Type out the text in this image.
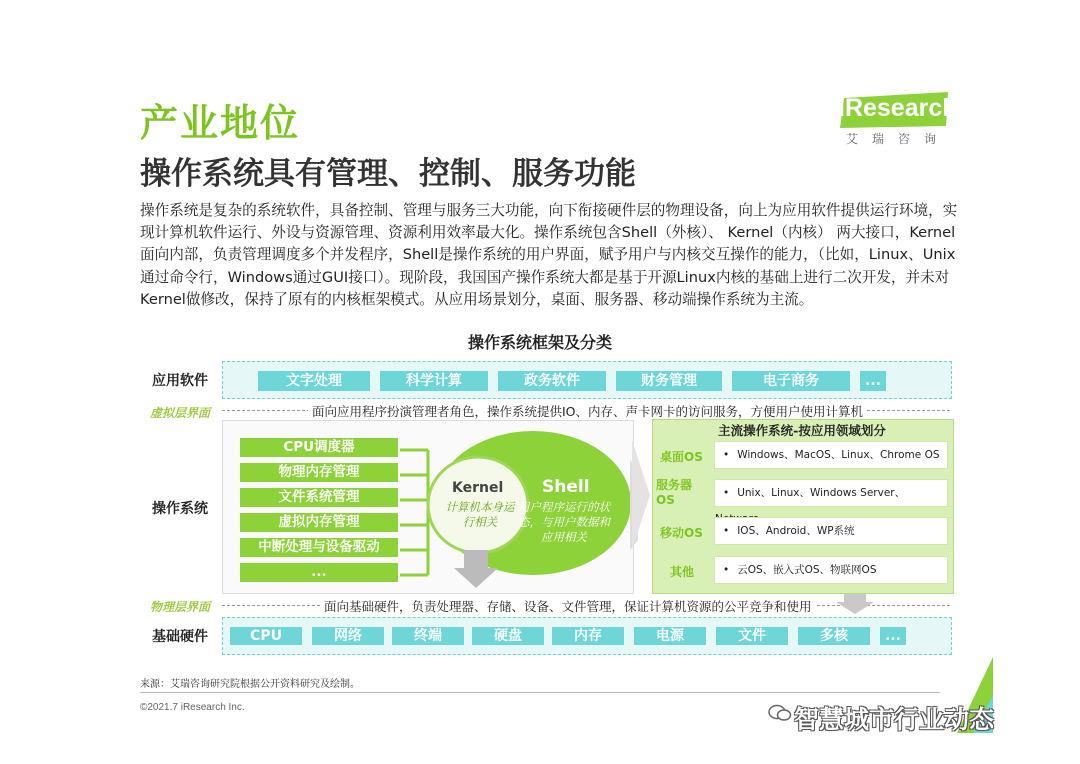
产业地位
操作系统具有管理、控制、服务功能
iResearch
艾瑞咨询
操作系统是复杂的系统软件，具备控制、管理与服务三大功能，向下衔接硬件层的物理设备，向上为应用软件提供运行环境，实现计算机软件运行、外设与资源管理、资源利用效率最大化。操作系统包含Shell（外核）、 Kernel（内核） 两大接口，Kernel面向内部，负责管理调度多个并发程序，Shell是操作系统的用户界面，赋予用户与内核交互操作的能力，（比如，Linux、Unix 通过命令行，Windows通过GUI接口）。现阶段，我国国产操作系统大都是基于开源Linux内核的基础上进行二次开发，并未对Kernel做修改，保持了原有的内核框架模式。从应用场景划分，桌面、服务器、移动端操作系统为主流。
操作系统框架及分类
应用软件	文字处理	科学计算	政务软件	财务管理	电子商务	...
虚拟层界面	面向应用程序扮演管理者角色，操作系统提供IO、内存、声卡网卡的访问服务，方便用户使用计算机
操作系统
CPU调度器
物理内存管理
文件系统管理
虚拟内存管理
中断处理与设备驱动
...
Kernel
计算机本身运行相关
Shell
用户程序运行的状态，与用户数据和应用相关
主流操作系统-按应用领域划分
桌面OS	• Windows、MacOS、Linux、Chrome OS
服务器OS	• Unix、Linux、Windows Server、
移动OS	• IOS、Android、WP系统
其他	• 云OS、嵌入式OS、物联网OS
物理层界面	面向基础硬件，负责处理器、存储、设备、文件管理，保证计算机资源的公平竞争和使用
基础硬件	CPU	网络	终端	硬盘	内存	电源	文件	多核	...
来源：艾瑞咨询研究院根据公开资料研究及绘制。
©2021.7 iResearch Inc.	智慧城市行业动态
